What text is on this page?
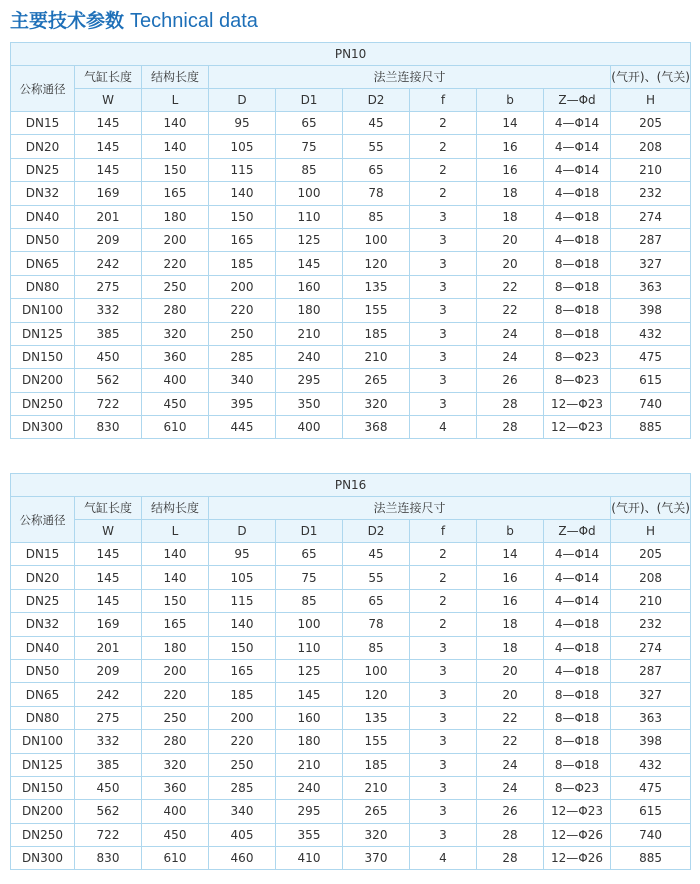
主要技术参数 Technical data
PN10									
公称通径	气缸长度	结构长度	法兰连接尺寸						(气开)、(气关)
	W	L	D	D1	D2	f	b	Z—Φd	H
DN15	145	140	95	65	45	2	14	4—Φ14	205
DN20	145	140	105	75	55	2	16	4—Φ14	208
DN25	145	150	115	85	65	2	16	4—Φ14	210
DN32	169	165	140	100	78	2	18	4—Φ18	232
DN40	201	180	150	110	85	3	18	4—Φ18	274
DN50	209	200	165	125	100	3	20	4—Φ18	287
DN65	242	220	185	145	120	3	20	8—Φ18	327
DN80	275	250	200	160	135	3	22	8—Φ18	363
DN100	332	280	220	180	155	3	22	8—Φ18	398
DN125	385	320	250	210	185	3	24	8—Φ18	432
DN150	450	360	285	240	210	3	24	8—Φ23	475
DN200	562	400	340	295	265	3	26	8—Φ23	615
DN250	722	450	395	350	320	3	28	12—Φ23	740
DN300	830	610	445	400	368	4	28	12—Φ23	885
PN16									
公称通径	气缸长度	结构长度	法兰连接尺寸						(气开)、(气关)
	W	L	D	D1	D2	f	b	Z—Φd	H
DN15	145	140	95	65	45	2	14	4—Φ14	205
DN20	145	140	105	75	55	2	16	4—Φ14	208
DN25	145	150	115	85	65	2	16	4—Φ14	210
DN32	169	165	140	100	78	2	18	4—Φ18	232
DN40	201	180	150	110	85	3	18	4—Φ18	274
DN50	209	200	165	125	100	3	20	4—Φ18	287
DN65	242	220	185	145	120	3	20	8—Φ18	327
DN80	275	250	200	160	135	3	22	8—Φ18	363
DN100	332	280	220	180	155	3	22	8—Φ18	398
DN125	385	320	250	210	185	3	24	8—Φ18	432
DN150	450	360	285	240	210	3	24	8—Φ23	475
DN200	562	400	340	295	265	3	26	12—Φ23	615
DN250	722	450	405	355	320	3	28	12—Φ26	740
DN300	830	610	460	410	370	4	28	12—Φ26	885
